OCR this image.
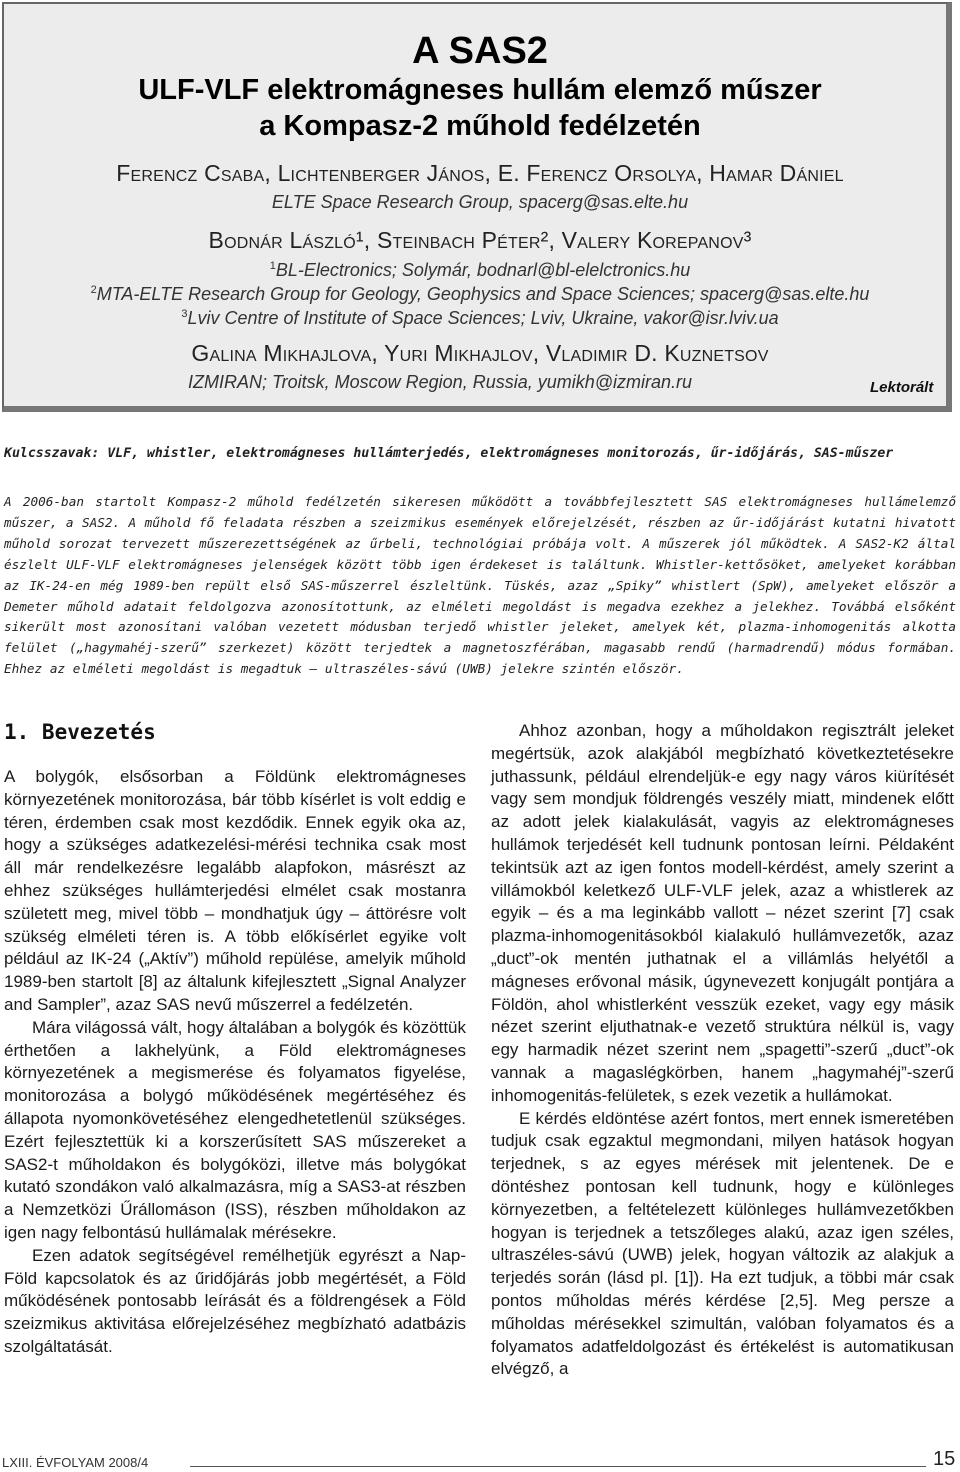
A SAS2
ULF-VLF elektromágneses hullám elemző műszer
a Kompasz-2 műhold fedélzetén
Ferencz Csaba, Lichtenberger János, E. Ferencz Orsolya, Hamar Dániel
ELTE Space Research Group, spacerg@sas.elte.hu
Bodnár László¹, Steinbach Péter², Valery Korepanov³
$^1$BL-Electronics; Solymár, bodnarl@bl-elelctronics.hu
$^2$MTA-ELTE Research Group for Geology, Geophysics and Space Sciences; spacerg@sas.elte.hu
$^3$Lviv Centre of Institute of Space Sciences; Lviv, Ukraine, vakor@isr.lviv.ua
Galina Mikhajlova, Yuri Mikhajlov, Vladimir D. Kuznetsov
IZMIRAN; Troitsk, Moscow Region, Russia, yumikh@izmiran.ru	Lektorált
Kulcsszavak: VLF, whistler, elektromágneses hullámterjedés, elektromágneses monitorozás, űr-időjárás, SAS-műszer
A 2006-ban startolt Kompasz-2 műhold fedélzetén sikeresen működött a továbbfejlesztett SAS elektromágneses hullámelemző műszer, a SAS2. A műhold fő feladata részben a szeizmikus események előrejelzését, részben az űr-időjárást kutatni hivatott műhold sorozat tervezett műszerezettségének az űrbeli, technológiai próbája volt. A műszerek jól működtek. A SAS2-K2 által észlelt ULF-VLF elektromágneses jelenségek között több igen érdekeset is találtunk. Whistler-kettősöket, amelyeket korábban az IK-24-en még 1989-ben repült első SAS-műszerrel észleltünk. Tüskés, azaz „Spiky” whistlert (SpW), amelyeket először a Demeter műhold adatait feldolgozva azonosítottunk, az elméleti megoldást is megadva ezekhez a jelekhez. Továbbá elsőként sikerült most azonosítani valóban vezetett módusban terjedő whistler jeleket, amelyek két, plazma-inhomogenitás alkotta felület („hagymahéj-szerű” szerkezet) között terjedtek a magnetoszférában, magasabb rendű (harmadrendű) módus formában. Ehhez az elméleti megoldást is megadtuk – ultraszéles-sávú (UWB) jelekre szintén először.
1. Bevezetés

A bolygók, elsősorban a Földünk elektromágneses környezetének monitorozása, bár több kísérlet is volt eddig e téren, érdemben csak most kezdődik. Ennek egyik oka az, hogy a szükséges adatkezelési-mérési technika csak most áll már rendelkezésre legalább alapfokon, másrészt az ehhez szükséges hullámterjedési elmélet csak mostanra született meg, mivel több – mondhatjuk úgy – áttörésre volt szükség elméleti téren is. A több előkísérlet egyike volt például az IK-24 („Aktív”) műhold repülése, amelyik műhold 1989-ben startolt [8] az általunk kifejlesztett „Signal Analyzer and Sampler”, azaz SAS nevű műszerrel a fedélzetén.

Mára világossá vált, hogy általában a bolygók és közöttük érthetően a lakhelyünk, a Föld elektromágneses környezetének a megismerése és folyamatos figyelése, monitorozása a bolygó működésének megértéséhez és állapota nyomonkövetéséhez elengedhetetlenül szükséges. Ezért fejlesztettük ki a korszerűsített SAS műszereket a SAS2-t műholdakon és bolygóközi, illetve más bolygókat kutató szondákon való alkalmazásra, míg a SAS3-at részben a Nemzetközi Űrállomáson (ISS), részben műholdakon az igen nagy felbontású hullámalak mérésekre.

Ezen adatok segítségével remélhetjük egyrészt a Nap-Föld kapcsolatok és az űridőjárás jobb megértését, a Föld működésének pontosabb leírását és a földrengések a Föld szeizmikus aktivitása előrejelzéséhez megbízható adatbázis szolgáltatását.

Ahhoz azonban, hogy a műholdakon regisztrált jeleket megértsük, azok alakjából megbízható következtetésekre juthassunk, például elrendeljük-e egy nagy város kiürítését vagy sem mondjuk földrengés veszély miatt, mindenek előtt az adott jelek kialakulását, vagyis az elektromágneses hullámok terjedését kell tudnunk pontosan leírni. Példaként tekintsük azt az igen fontos modell-kérdést, amely szerint a villámokból keletkező ULF-VLF jelek, azaz a whistlerek az egyik – és a ma leginkább vallott – nézet szerint [7] csak plazma-inhomogenitásokból kialakuló hullámvezetők, azaz „duct”-ok mentén juthatnak el a villámlás helyétől a mágneses erővonal másik, úgynevezett konjugált pontjára a Földön, ahol whistlerként vesszük ezeket, vagy egy másik nézet szerint eljuthatnak-e vezető struktúra nélkül is, vagy egy harmadik nézet szerint nem „spagetti”-szerű „duct”-ok vannak a magaslégkörben, hanem „hagymahéj”-szerű inhomogenitás-felületek, s ezek vezetik a hullámokat.

E kérdés eldöntése azért fontos, mert ennek ismeretében tudjuk csak egzaktul megmondani, milyen hatások hogyan terjednek, s az egyes mérések mit jelentenek. De e döntéshez pontosan kell tudnunk, hogy e különleges környezetben, a feltételezett különleges hullámvezetőkben hogyan is terjednek a tetszőleges alakú, azaz igen széles, ultraszéles-sávú (UWB) jelek, hogyan változik az alakjuk a terjedés során (lásd pl. [1]). Ha ezt tudjuk, a többi már csak pontos műholdas mérés kérdése [2,5]. Meg persze a műholdas mérésekkel szimultán, valóban folyamatos és a folyamatos adatfeldolgozást és értékelést is automatikusan elvégző, a

LXIII. ÉVFOLYAM 2008/4	15
